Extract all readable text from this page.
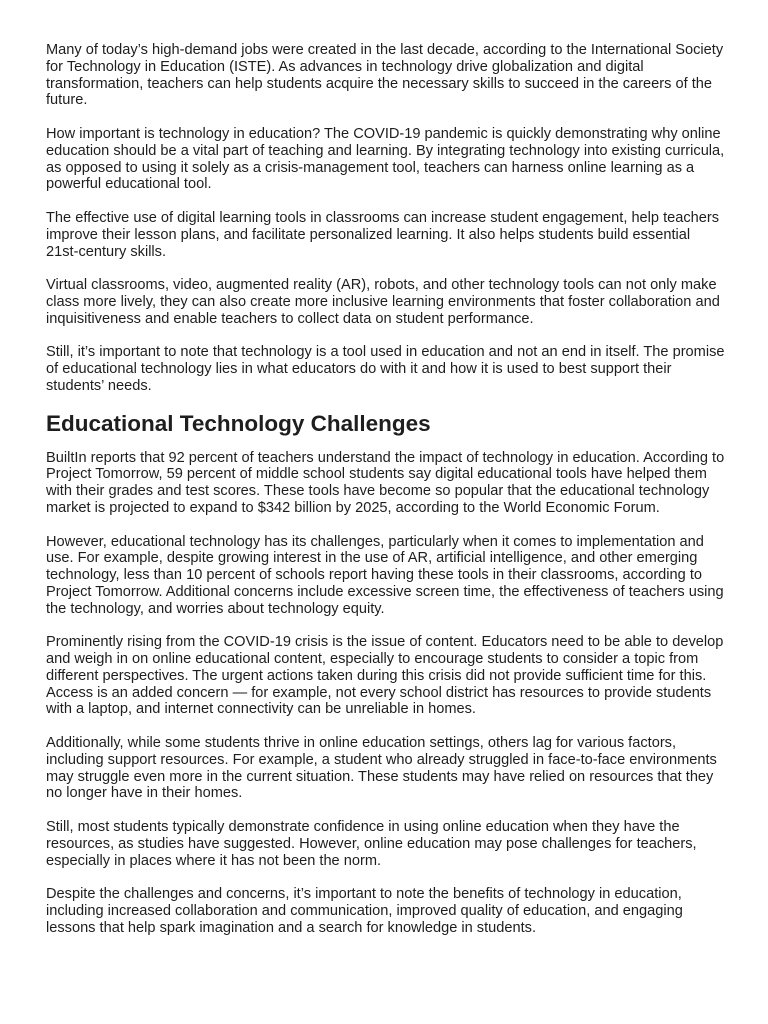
Many of today’s high-demand jobs were created in the last decade, according to the International Society for Technology in Education (ISTE). As advances in technology drive globalization and digital transformation, teachers can help students acquire the necessary skills to succeed in the careers of the future.

How important is technology in education? The COVID-19 pandemic is quickly demonstrating why online education should be a vital part of teaching and learning. By integrating technology into existing curricula, as opposed to using it solely as a crisis-management tool, teachers can harness online learning as a powerful educational tool.

The effective use of digital learning tools in classrooms can increase student engagement, help teachers improve their lesson plans, and facilitate personalized learning. It also helps students build essential 21st-century skills.

Virtual classrooms, video, augmented reality (AR), robots, and other technology tools can not only make class more lively, they can also create more inclusive learning environments that foster collaboration and inquisitiveness and enable teachers to collect data on student performance.

Still, it’s important to note that technology is a tool used in education and not an end in itself. The promise of educational technology lies in what educators do with it and how it is used to best support their students’ needs.

Educational Technology Challenges

BuiltIn reports that 92 percent of teachers understand the impact of technology in education. According to Project Tomorrow, 59 percent of middle school students say digital educational tools have helped them with their grades and test scores. These tools have become so popular that the educational technology market is projected to expand to $342 billion by 2025, according to the World Economic Forum.

However, educational technology has its challenges, particularly when it comes to implementation and use. For example, despite growing interest in the use of AR, artificial intelligence, and other emerging technology, less than 10 percent of schools report having these tools in their classrooms, according to Project Tomorrow. Additional concerns include excessive screen time, the effectiveness of teachers using the technology, and worries about technology equity.

Prominently rising from the COVID-19 crisis is the issue of content. Educators need to be able to develop and weigh in on online educational content, especially to encourage students to consider a topic from different perspectives. The urgent actions taken during this crisis did not provide sufficient time for this. Access is an added concern — for example, not every school district has resources to provide students with a laptop, and internet connectivity can be unreliable in homes.

Additionally, while some students thrive in online education settings, others lag for various factors, including support resources. For example, a student who already struggled in face-to-face environments may struggle even more in the current situation. These students may have relied on resources that they no longer have in their homes.

Still, most students typically demonstrate confidence in using online education when they have the resources, as studies have suggested. However, online education may pose challenges for teachers, especially in places where it has not been the norm.

Despite the challenges and concerns, it’s important to note the benefits of technology in education, including increased collaboration and communication, improved quality of education, and engaging lessons that help spark imagination and a search for knowledge in students.
